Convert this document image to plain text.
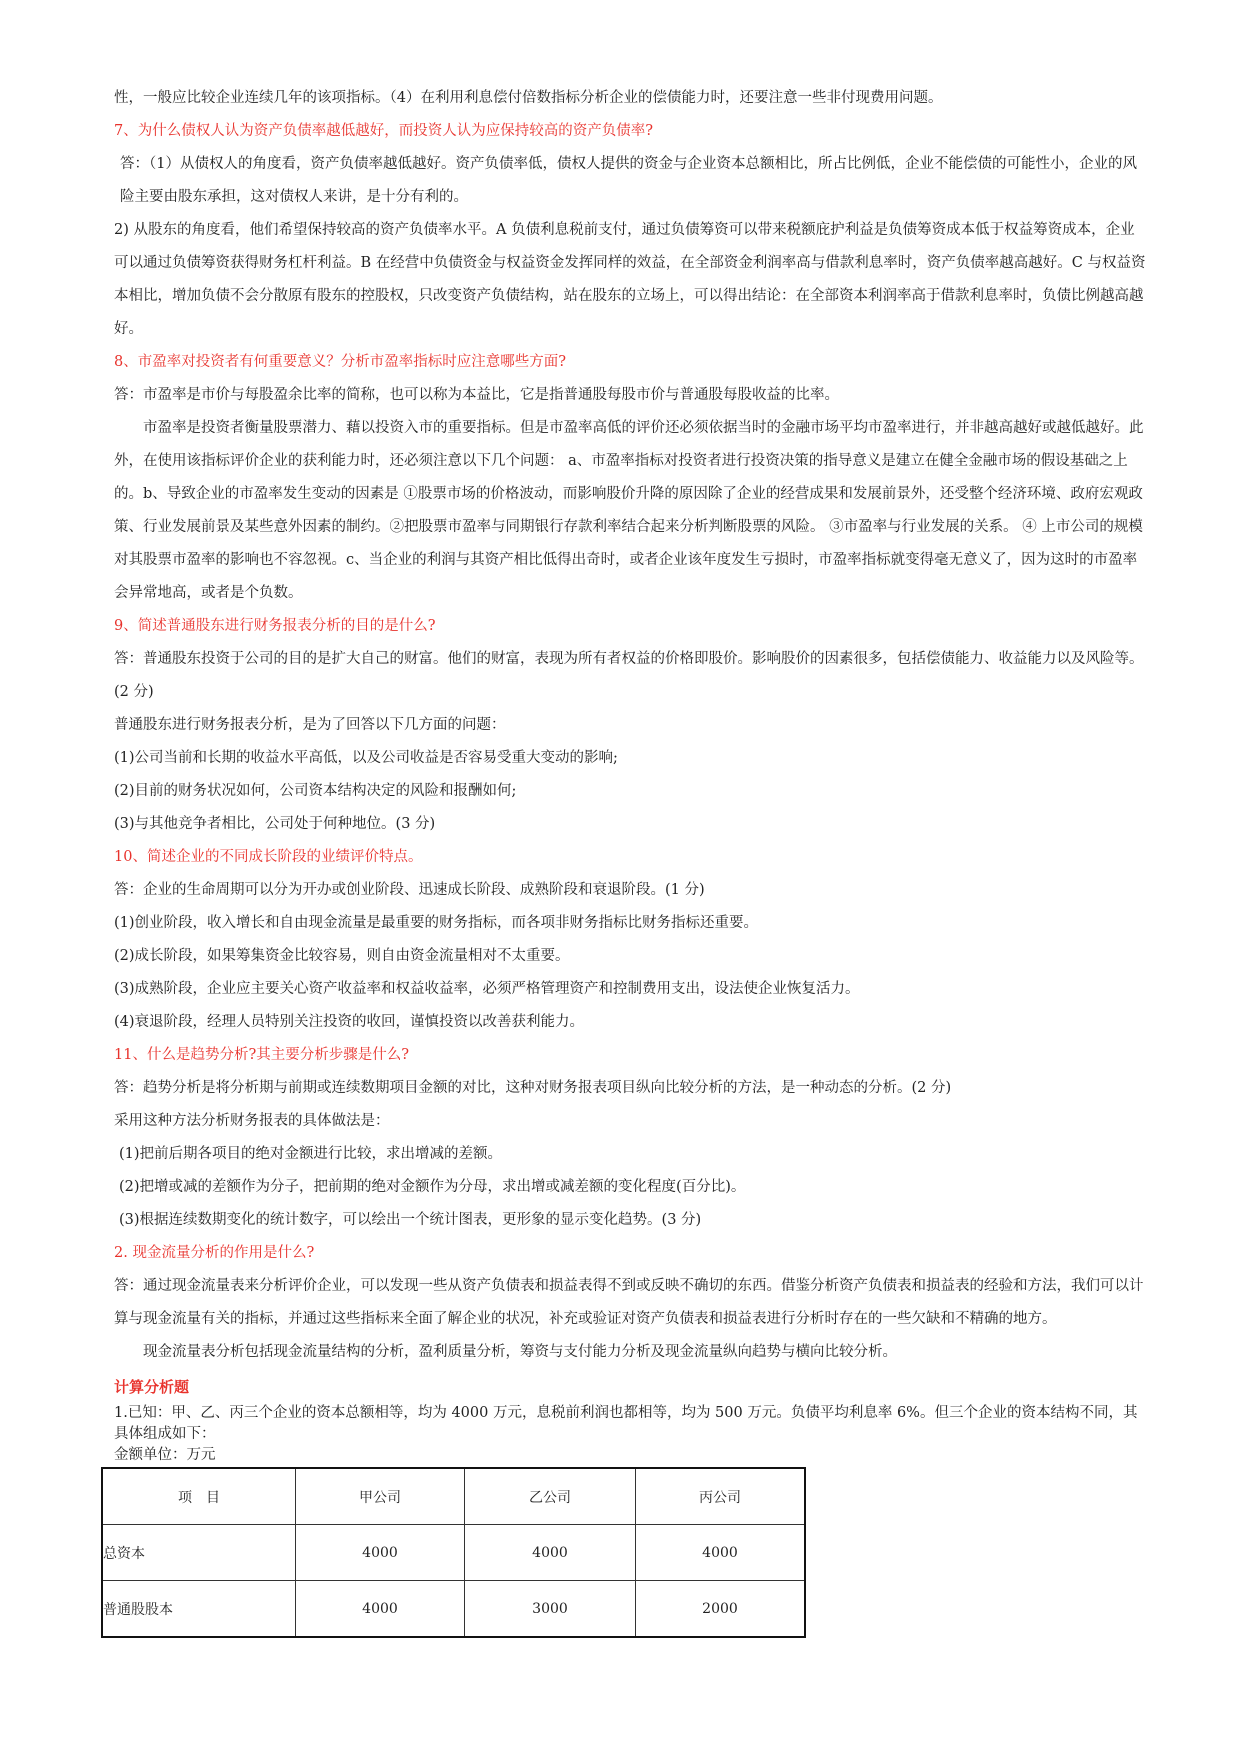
性，一般应比较企业连续几年的该项指标。（4）在利用利息偿付倍数指标分析企业的偿债能力时，还要注意一些非付现费用问题。

7、为什么债权人认为资产负债率越低越好，而投资人认为应保持较高的资产负债率?

答：（1）从债权人的角度看，资产负债率越低越好。资产负债率低，债权人提供的资金与企业资本总额相比，所占比例低，企业不能偿债的可能性小，企业的风险主要由股东承担，这对债权人来讲，是十分有利的。

2) 从股东的角度看，他们希望保持较高的资产负债率水平。A 负债利息税前支付，通过负债筹资可以带来税额庇护利益是负债筹资成本低于权益筹资成本，企业可以通过负债筹资获得财务杠杆利益。B 在经营中负债资金与权益资金发挥同样的效益，在全部资金利润率高与借款利息率时，资产负债率越高越好。C 与权益资本相比，增加负债不会分散原有股东的控股权，只改变资产负债结构，站在股东的立场上，可以得出结论：在全部资本利润率高于借款利息率时，负债比例越高越好。

8、市盈率对投资者有何重要意义？分析市盈率指标时应注意哪些方面?

答：市盈率是市价与每股盈余比率的简称，也可以称为本益比，它是指普通股每股市价与普通股每股收益的比率。

市盈率是投资者衡量股票潜力、藉以投资入市的重要指标。但是市盈率高低的评价还必须依据当时的金融市场平均市盈率进行，并非越高越好或越低越好。此外，在使用该指标评价企业的获利能力时，还必须注意以下几个问题： a、市盈率指标对投资者进行投资决策的指导意义是建立在健全金融市场的假设基础之上的。b、导致企业的市盈率发生变动的因素是 ①股票市场的价格波动，而影响股价升降的原因除了企业的经营成果和发展前景外，还受整个经济环境、政府宏观政策、行业发展前景及某些意外因素的制约。②把股票市盈率与同期银行存款利率结合起来分析判断股票的风险。 ③市盈率与行业发展的关系。 ④ 上市公司的规模对其股票市盈率的影响也不容忽视。c、当企业的利润与其资产相比低得出奇时，或者企业该年度发生亏损时，市盈率指标就变得毫无意义了，因为这时的市盈率会异常地高，或者是个负数。

9、简述普通股东进行财务报表分析的目的是什么?

答：普通股东投资于公司的目的是扩大自己的财富。他们的财富，表现为所有者权益的价格即股价。影响股价的因素很多，包括偿债能力、收益能力以及风险等。(2 分)

普通股东进行财务报表分析，是为了回答以下几方面的问题：

(1)公司当前和长期的收益水平高低，以及公司收益是否容易受重大变动的影响;

(2)目前的财务状况如何，公司资本结构决定的风险和报酬如何;

(3)与其他竞争者相比，公司处于何种地位。(3 分)

10、简述企业的不同成长阶段的业绩评价特点。

答：企业的生命周期可以分为开办或创业阶段、迅速成长阶段、成熟阶段和衰退阶段。(1 分)

(1)创业阶段，收入增长和自由现金流量是最重要的财务指标，而各项非财务指标比财务指标还重要。

(2)成长阶段，如果筹集资金比较容易，则自由资金流量相对不太重要。

(3)成熟阶段，企业应主要关心资产收益率和权益收益率，必须严格管理资产和控制费用支出，设法使企业恢复活力。

(4)衰退阶段，经理人员特别关注投资的收回，谨慎投资以改善获利能力。

11、什么是趋势分析?其主要分析步骤是什么?

答：趋势分析是将分析期与前期或连续数期项目金额的对比，这种对财务报表项目纵向比较分析的方法，是一种动态的分析。(2 分)

采用这种方法分析财务报表的具体做法是：

(1)把前后期各项目的绝对金额进行比较，求出增减的差额。

(2)把增或减的差额作为分子，把前期的绝对金额作为分母，求出增或减差额的变化程度(百分比)。

(3)根据连续数期变化的统计数字，可以绘出一个统计图表，更形象的显示变化趋势。(3 分)

2. 现金流量分析的作用是什么?

答：通过现金流量表来分析评价企业，可以发现一些从资产负债表和损益表得不到或反映不确切的东西。借鉴分析资产负债表和损益表的经验和方法，我们可以计算与现金流量有关的指标，并通过这些指标来全面了解企业的状况，补充或验证对资产负债表和损益表进行分析时存在的一些欠缺和不精确的地方。

现金流量表分析包括现金流量结构的分析，盈利质量分析，筹资与支付能力分析及现金流量纵向趋势与横向比较分析。

计算分析题

1.已知：甲、乙、丙三个企业的资本总额相等，均为 4000 万元，息税前利润也都相等，均为 500 万元。负债平均利息率 6%。但三个企业的资本结构不同，其具体组成如下：

金额单位：万元

项　目	甲公司	乙公司	丙公司
总资本	4000	4000	4000
普通股股本	4000	3000	2000
